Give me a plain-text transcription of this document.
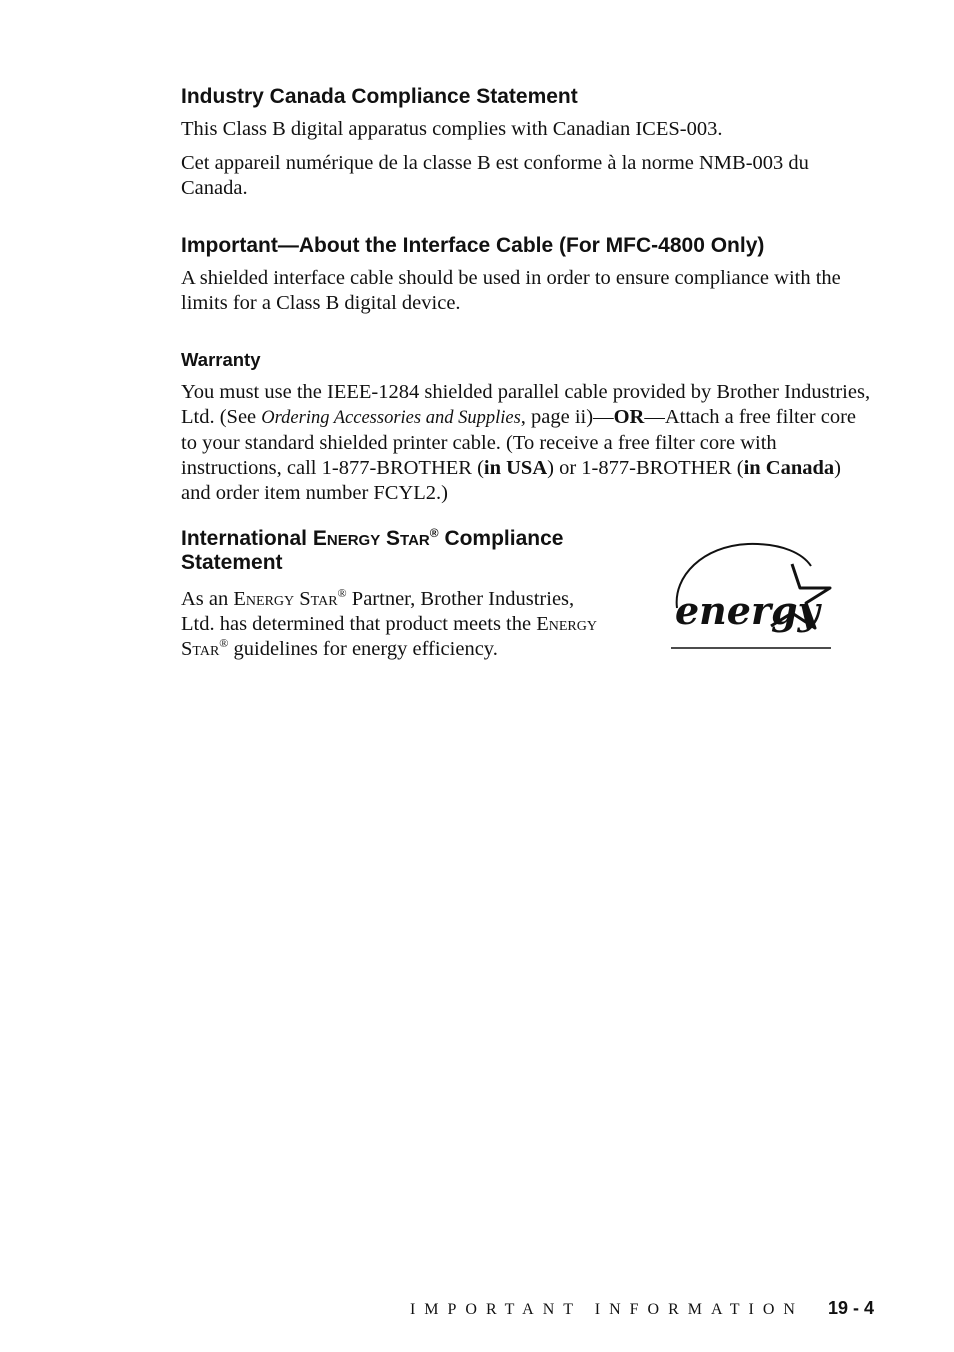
Industry Canada Compliance Statement

This Class B digital apparatus complies with Canadian ICES-003.

Cet appareil numérique de la classe B est conforme à la norme NMB-003 du Canada.

Important—About the Interface Cable (For MFC-4800 Only)

A shielded interface cable should be used in order to ensure compliance with the limits for a Class B digital device.

Warranty

You must use the IEEE-1284 shielded parallel cable provided by Brother Industries, Ltd. (See Ordering Accessories and Supplies, page ii)—OR—Attach a free filter core to your standard shielded printer cable. (To receive a free filter core with instructions, call 1-877-BROTHER (in USA) or 1-877-BROTHER (in Canada) and order item number FCYL2.)

International Energy Star® Compliance Statement

As an Energy Star® Partner, Brother Industries, Ltd. has determined that product meets the Energy Star® guidelines for energy efficiency.

energy
IMPORTANT INFORMATION 19 - 4
